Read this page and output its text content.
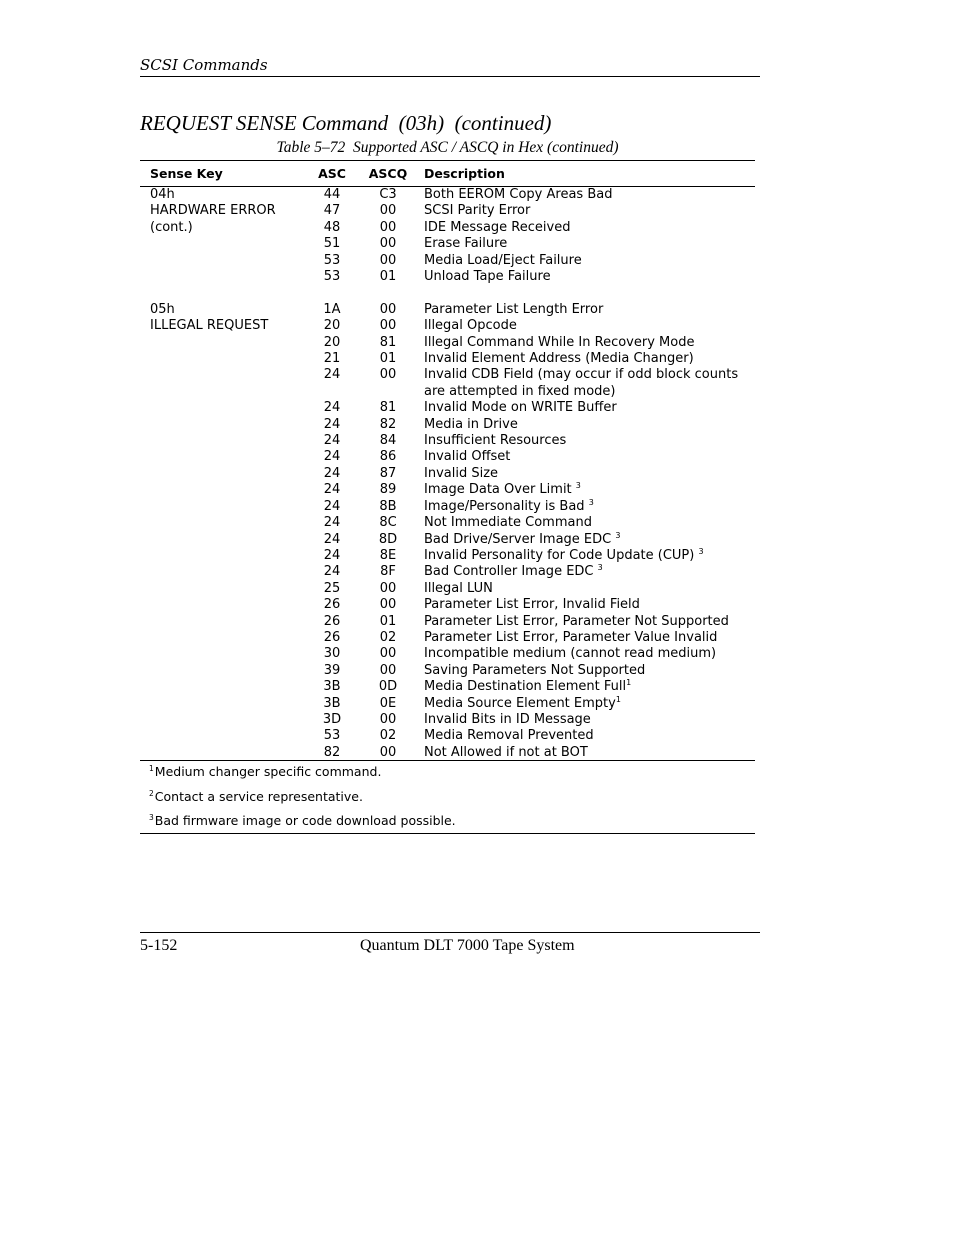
SCSI Commands
REQUEST SENSE Command  (03h)  (continued)
Table 5–72  Supported ASC / ASCQ in Hex (continued)
Sense Key	ASC	ASCQ	Description
04h	44	C3	Both EEROM Copy Areas Bad
HARDWARE ERROR	47	00	SCSI Parity Error
(cont.)	48	00	IDE Message Received
	51	00	Erase Failure
	53	00	Media Load/Eject Failure
	53	01	Unload Tape Failure

05h	1A	00	Parameter List Length Error
ILLEGAL REQUEST	20	00	Illegal Opcode
	20	81	Illegal Command While In Recovery Mode
	21	01	Invalid Element Address (Media Changer)
	24	00	Invalid CDB Field (may occur if odd block counts
			are attempted in fixed mode)
	24	81	Invalid Mode on WRITE Buffer
	24	82	Media in Drive
	24	84	Insufficient Resources
	24	86	Invalid Offset
	24	87	Invalid Size
	24	89	Image Data Over Limit $^3$
	24	8B	Image/Personality is Bad $^3$
	24	8C	Not Immediate Command
	24	8D	Bad Drive/Server Image EDC $^3$
	24	8E	Invalid Personality for Code Update (CUP) $^3$
	24	8F	Bad Controller Image EDC $^3$
	25	00	Illegal LUN
	26	00	Parameter List Error, Invalid Field
	26	01	Parameter List Error, Parameter Not Supported
	26	02	Parameter List Error, Parameter Value Invalid
	30	00	Incompatible medium (cannot read medium)
	39	00	Saving Parameters Not Supported
	3B	0D	Media Destination Element Full$^1$
	3B	0E	Media Source Element Empty$^1$
	3D	00	Invalid Bits in ID Message
	53	02	Media Removal Prevented
	82	00	Not Allowed if not at BOT
$^1$Medium changer specific command.
$^2$Contact a service representative.
$^3$Bad firmware image or code download possible.
5-152	Quantum DLT 7000 Tape System
